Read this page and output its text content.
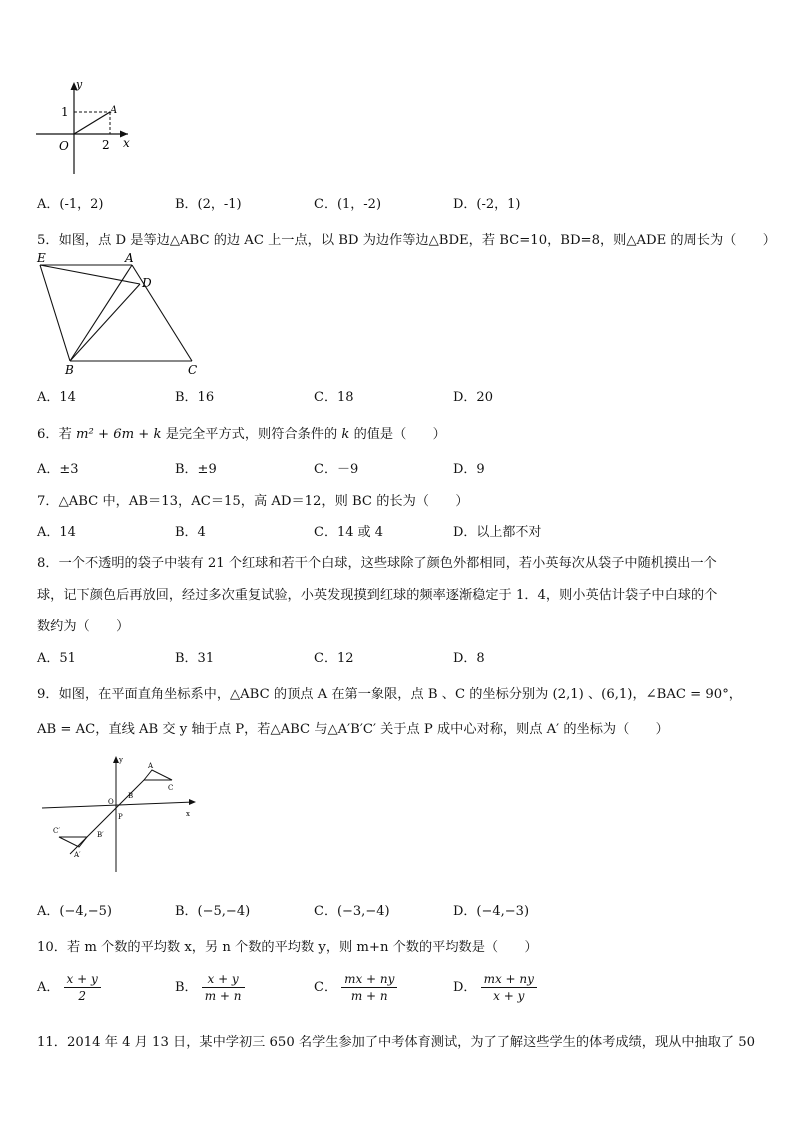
y
x
O
1
2
A
A．(-1，2)	B．(2，-1)	C．(1，-2)	D．(-2，1)
5．如图，点 D 是等边△ABC 的边 AC 上一点，以 BD 为边作等边△BDE，若 BC=10，BD=8，则△ADE 的周长为（　　）
E	A
D
B	C
A．14	B．16	C．18	D．20
6．若 m² + 6m + k 是完全平方式，则符合条件的 k 的值是（　　）
A．±3	B．±9	C．－9	D．9
7．△ABC 中，AB＝13，AC＝15，高 AD＝12，则 BC 的长为（　　）
A．14	B．4	C．14 或 4	D．以上都不对
8．一个不透明的袋子中装有 21 个红球和若干个白球，这些球除了颜色外都相同，若小英每次从袋子中随机摸出一个
球，记下颜色后再放回，经过多次重复试验，小英发现摸到红球的频率逐渐稳定于 1．4，则小英估计袋子中白球的个
数约为（　　）
A．51	B．31	C．12	D．8
9．如图，在平面直角坐标系中，△ABC 的顶点 A 在第一象限，点 B 、C 的坐标分别为 (2,1) 、(6,1)，∠BAC = 90°，
AB = AC，直线 AB 交 y 轴于点 P，若△ABC 与△A′B′C′ 关于点 P 成中心对称，则点 A′ 的坐标为（　　）
y
x
O
P
A
B
C
A′
B′
C′
A．(−4,−5)	B．(−5,−4)	C．(−3,−4)	D．(−4,−3)
10．若 m 个数的平均数 x，另 n 个数的平均数 y，则 m+n 个数的平均数是（　　）
A． $\frac{x + y}{2}$	B． $\frac{x + y}{m + n}$	C． $\frac{mx + ny}{m + n}$	D． $\frac{mx + ny}{x + y}$
11．2014 年 4 月 13 日，某中学初三 650 名学生参加了中考体育测试，为了了解这些学生的体考成绩，现从中抽取了 50
